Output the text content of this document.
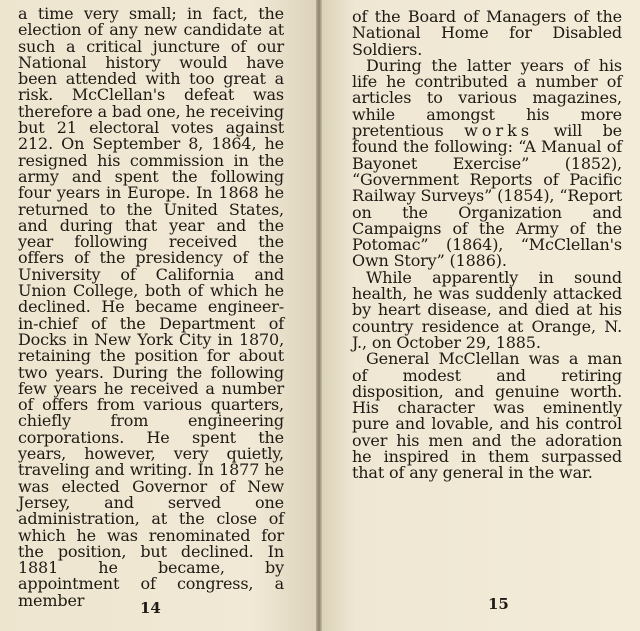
a time very small; in fact, the election of any new candidate at such a critical juncture of our National history would have been attended with too great a risk. McClellan's defeat was therefore a bad one, he receiving but 21 electoral votes against 212. On September 8, 1864, he resigned his commission in the army and spent the following four years in Europe. In 1868 he returned to the United States, and during that year and the year following received the offers of the presidency of the University of California and Union College, both of which he declined. He became engineer-in-chief of the Department of Docks in New York City in 1870, retaining the position for about two years. During the following few years he received a number of offers from various quarters, chiefly from engineering corporations. He spent the years, however, very quietly, traveling and writing. In 1877 he was elected Governor of New Jersey, and served one administration, at the close of which he was renominated for the position, but declined. In 1881 he became, by appointment of congress, a member	14

of the Board of Managers of the National Home for Disabled Soldiers.

During the latter years of his life he contributed a number of articles to various magazines, while amongst his more pretentious works will be found the following: “A Manual of Bayonet Exercise” (1852), “Government Reports of Pacific Railway Surveys” (1854), “Report on the Organization and Campaigns of the Army of the Potomac” (1864), “McClellan's Own Story” (1886).

While apparently in sound health, he was suddenly attacked by heart disease, and died at his country residence at Orange, N. J., on October 29, 1885.

General McClellan was a man of modest and retiring disposition, and genuine worth. His character was eminently pure and lovable, and his control over his men and the adoration he inspired in them surpassed that of any general in the war.

15
